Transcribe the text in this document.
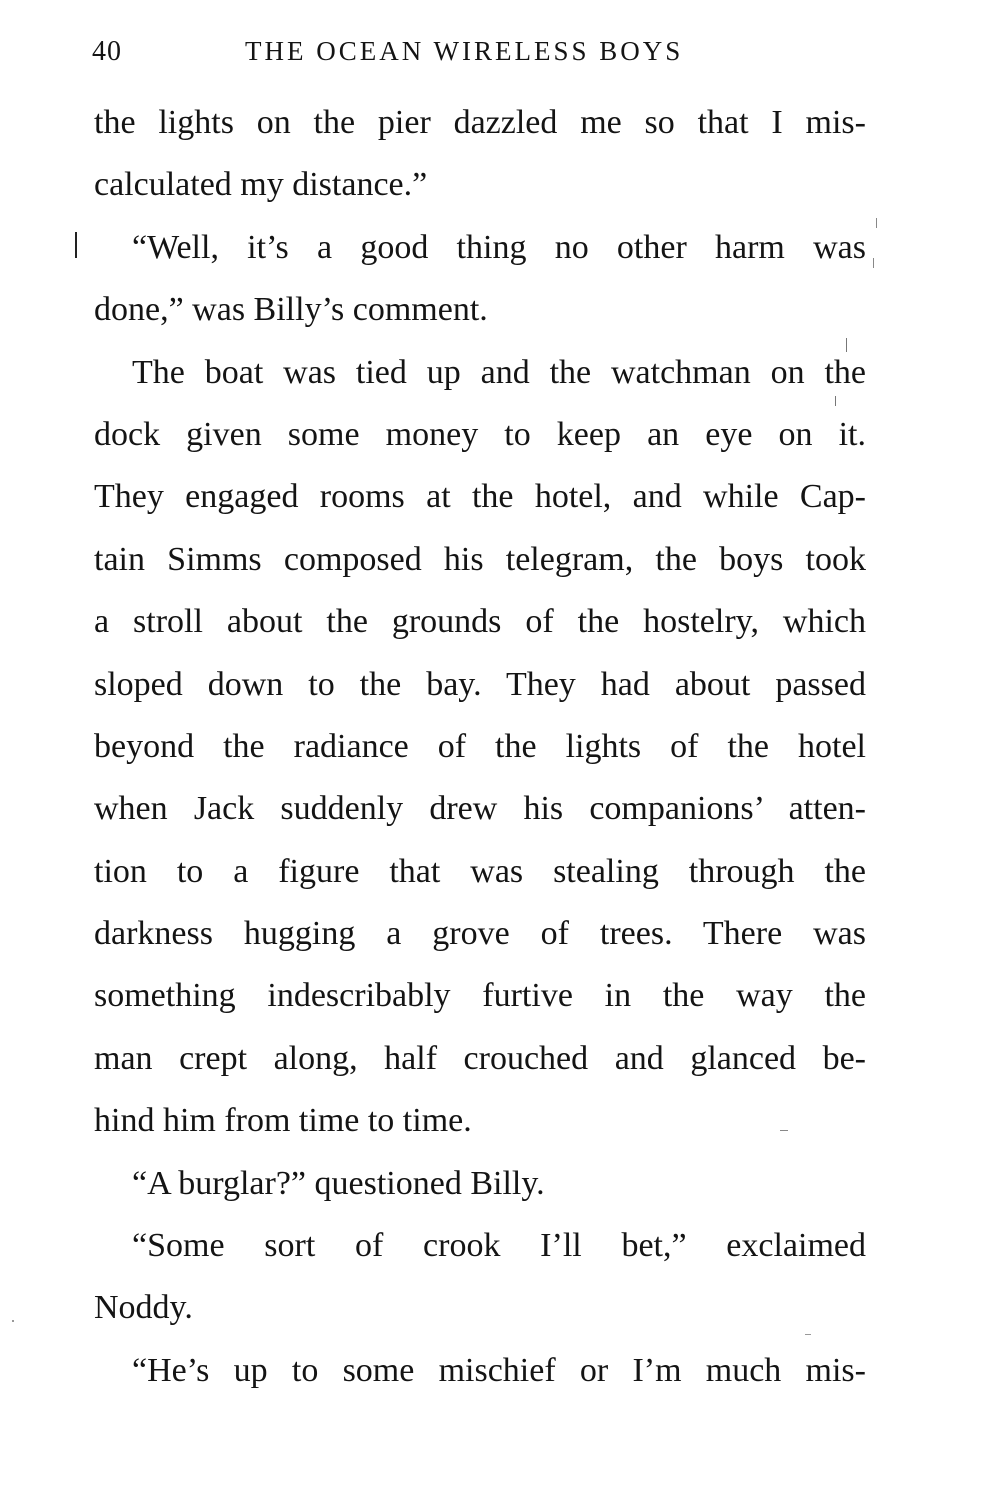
40	THE OCEAN WIRELESS BOYS
the lights on the pier dazzled me so that I mis-
calculated my distance.”
“Well, it’s a good thing no other harm was
done,” was Billy’s comment.
The boat was tied up and the watchman on the
dock given some money to keep an eye on it.
They engaged rooms at the hotel, and while Cap-
tain Simms composed his telegram, the boys took
a stroll about the grounds of the hostelry, which
sloped down to the bay. They had about passed
beyond the radiance of the lights of the hotel
when Jack suddenly drew his companions’ atten-
tion to a figure that was stealing through the
darkness hugging a grove of trees. There was
something indescribably furtive in the way the
man crept along, half crouched and glanced be-
hind him from time to time.
“A burglar?” questioned Billy.
“Some sort of crook I’ll bet,” exclaimed
Noddy.
“He’s up to some mischief or I’m much mis-
